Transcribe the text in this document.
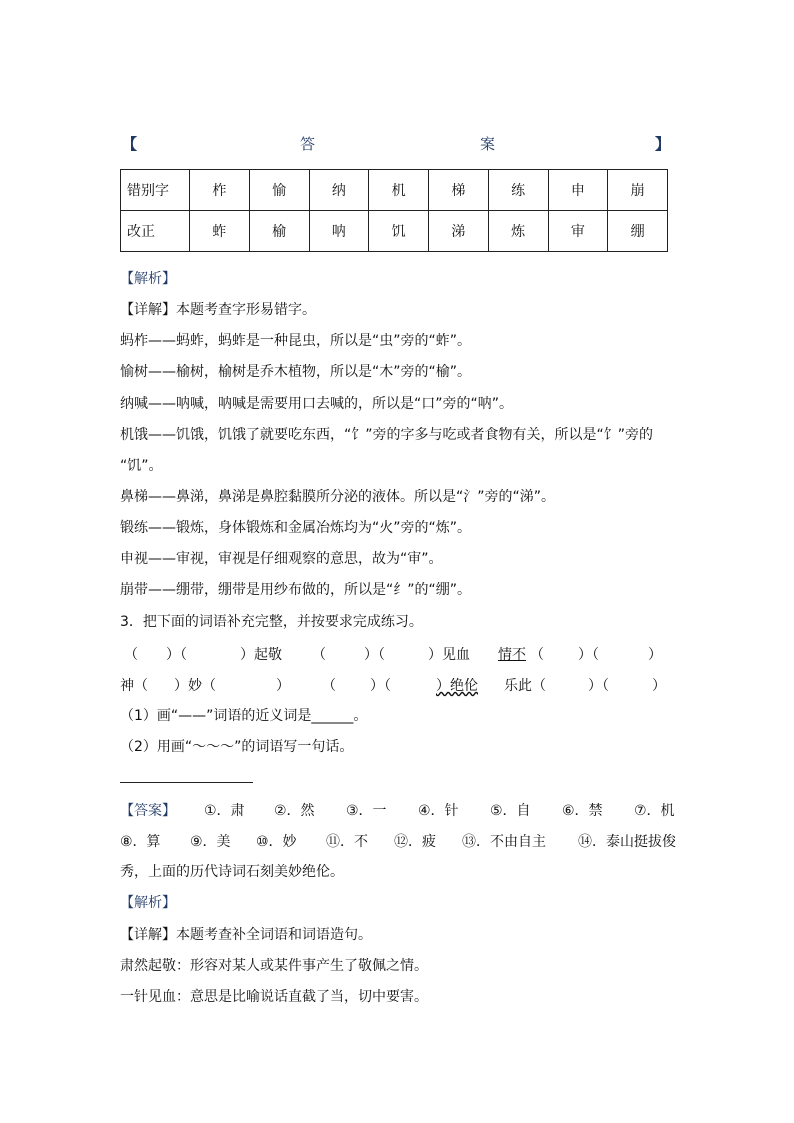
【	答	案	】
错别字	柞	愉	纳	机	梯	练	申	崩
改正	蚱	榆	呐	饥	涕	炼	审	绷
【解析】
【详解】本题考查字形易错字。
蚂柞——蚂蚱，蚂蚱是一种昆虫，所以是“虫”旁的“蚱”。
愉树——榆树，榆树是乔木植物，所以是“木”旁的“榆”。
纳喊——呐喊，呐喊是需要用口去喊的，所以是“口”旁的“呐”。
机饿——饥饿，饥饿了就要吃东西，“饣”旁的字多与吃或者食物有关，所以是“饣”旁的
“饥”。
鼻梯——鼻涕，鼻涕是鼻腔黏膜所分泌的液体。所以是“氵”旁的“涕”。
锻练——锻炼，身体锻炼和金属冶炼均为“火”旁的“炼”。
申视——审视，审视是仔细观察的意思，故为“审”。
崩带——绷带，绷带是用纱布做的，所以是“纟”的“绷”。
3．把下面的词语补充完整，并按要求完成练习。
（ ）（	）起敬 （	）（	）见血 情不 （ ）（	）
神（ ）妙（	） （ ）（	）绝伦 乐此（	）（	）
（1）画“——”词语的近义词是______。
（2）用画“～～～”的词语写一句话。
【答案】 ①．肃 ②．然 ③．一 ④．针 ⑤．自 ⑥．禁 ⑦．机
⑧．算 ⑨．美 ⑩．妙 ⑪．不 ⑫．疲 ⑬．不由自主 ⑭．泰山挺拔俊
秀，上面的历代诗词石刻美妙绝伦。
【解析】
【详解】本题考查补全词语和词语造句。
肃然起敬：形容对某人或某件事产生了敬佩之情。
一针见血：意思是比喻说话直截了当，切中要害。
